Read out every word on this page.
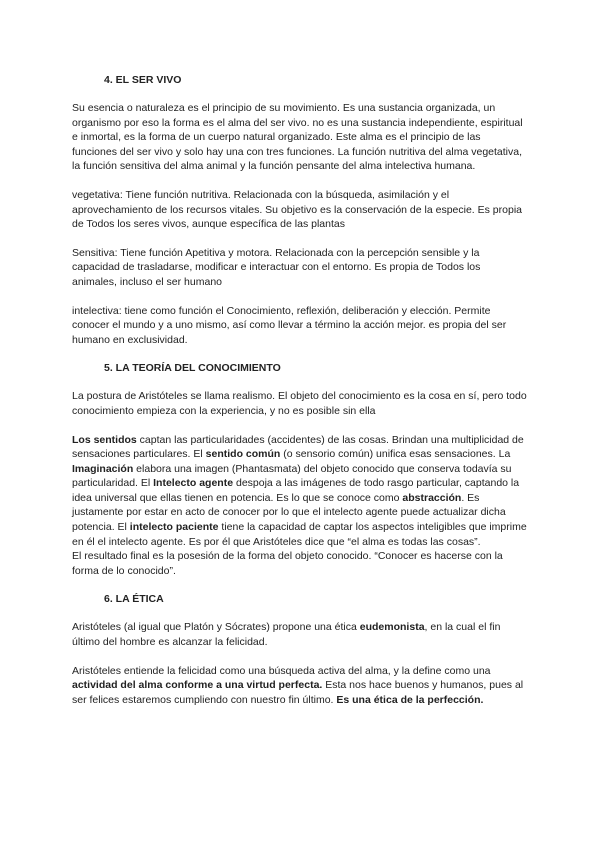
4. EL SER VIVO

Su esencia o naturaleza es el principio de su movimiento. Es una sustancia organizada, un organismo por eso la forma es el alma del ser vivo. no es una sustancia independiente, espiritual e inmortal, es la forma de un cuerpo natural organizado. Este alma es el principio de las funciones del ser vivo y solo hay una con tres funciones. La función nutritiva del alma vegetativa, la función sensitiva del alma animal y la función pensante del alma intelectiva humana.

vegetativa: Tiene función nutritiva. Relacionada con la búsqueda, asimilación y el aprovechamiento de los recursos vitales. Su objetivo es la conservación de la especie. Es propia de Todos los seres vivos, aunque específica de las plantas

Sensitiva: Tiene función Apetitiva y motora. Relacionada con la percepción sensible y la capacidad de trasladarse, modificar e interactuar con el entorno. Es propia de Todos los animales, incluso el ser humano

intelectiva: tiene como función el Conocimiento, reflexión, deliberación y elección. Permite conocer el mundo y a uno mismo, así como llevar a término la acción mejor. es propia del ser humano en exclusividad.

5. LA TEORÍA DEL CONOCIMIENTO

La postura de Aristóteles se llama realismo. El objeto del conocimiento es la cosa en sí, pero todo conocimiento empieza con la experiencia, y no es posible sin ella

Los sentidos captan las particularidades (accidentes) de las cosas. Brindan una multiplicidad de sensaciones particulares. El sentido común (o sensorio común) unifica esas sensaciones. La Imaginación elabora una imagen (Phantasmata) del objeto conocido que conserva todavía su particularidad. El Intelecto agente despoja a las imágenes de todo rasgo particular, captando la idea universal que ellas tienen en potencia. Es lo que se conoce como abstracción. Es justamente por estar en acto de conocer por lo que el intelecto agente puede actualizar dicha potencia. El intelecto paciente tiene la capacidad de captar los aspectos inteligibles que imprime en él el intelecto agente. Es por él que Aristóteles dice que “el alma es todas las cosas”.
El resultado final es la posesión de la forma del objeto conocido. “Conocer es hacerse con la forma de lo conocido”.

6. LA ÉTICA

Aristóteles (al igual que Platón y Sócrates) propone una ética eudemonista, en la cual el fin último del hombre es alcanzar la felicidad.

Aristóteles entiende la felicidad como una búsqueda activa del alma, y la define como una actividad del alma conforme a una virtud perfecta. Esta nos hace buenos y humanos, pues al ser felices estaremos cumpliendo con nuestro fin último. Es una ética de la perfección.
